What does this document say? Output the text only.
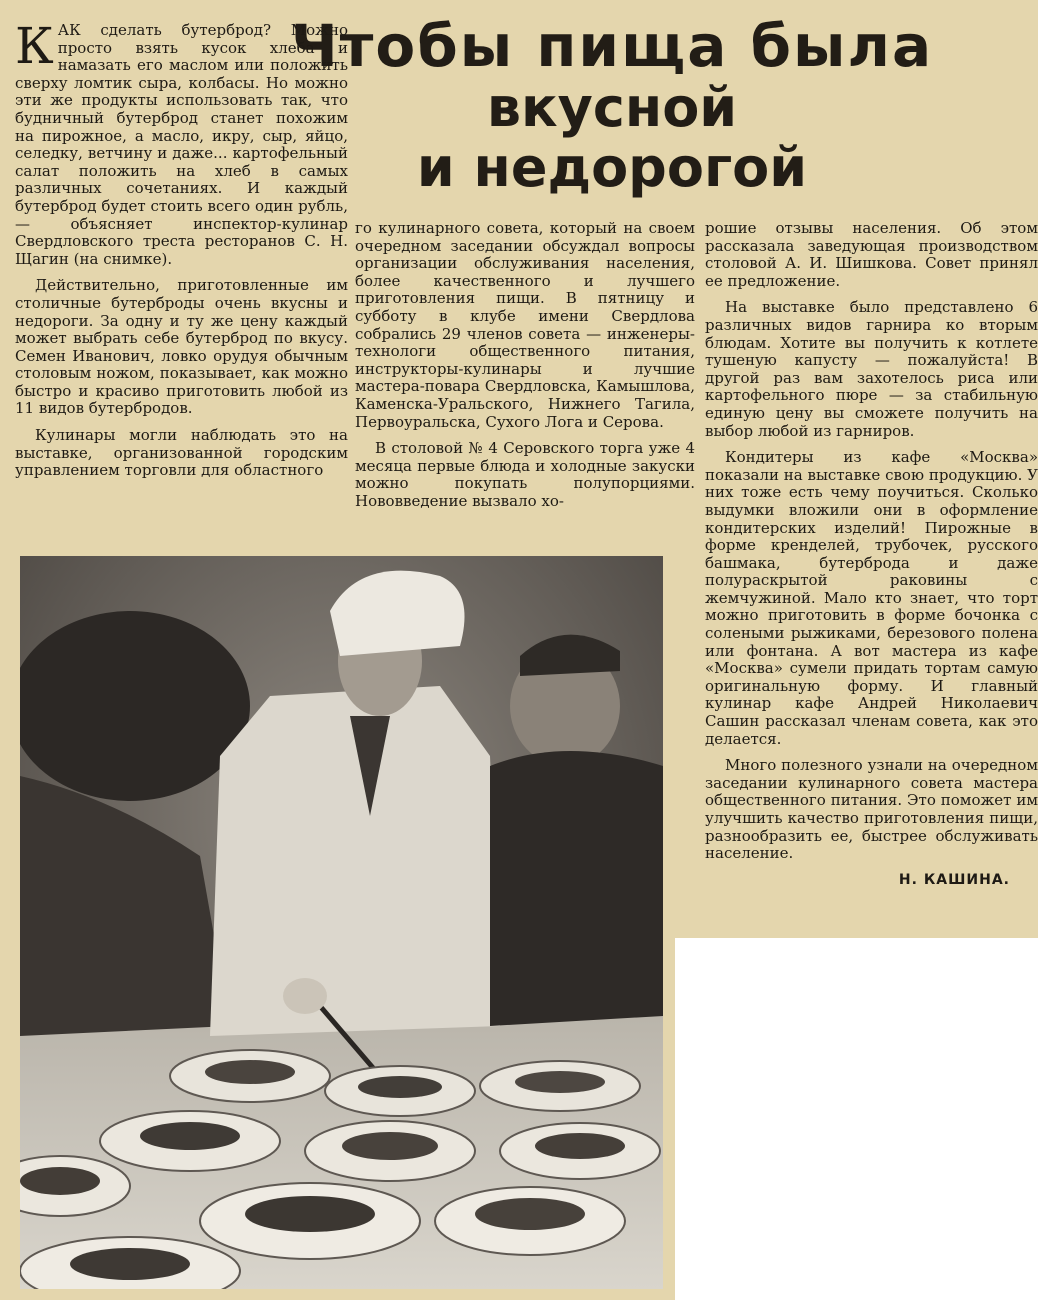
Чтобы пища была
вкусной
и недорогой

КАК сделать бутерброд? Можно просто взять кусок хлеба и намазать его маслом или положить сверху ломтик сыра, колбасы. Но можно эти же продукты использовать так, что будничный бутерброд станет похожим на пирожное, а масло, икру, сыр, яйцо, селедку, ветчину и даже... картофельный салат положить на хлеб в самых различных сочетаниях. И каждый бутерброд будет стоить всего один рубль, — объясняет инспектор-кулинар Свердловского треста ресторанов С. Н. Щагин (на снимке).

Действительно, приготовленные им столичные бутерброды очень вкусны и недороги. За одну и ту же цену каждый может выбрать себе бутерброд по вкусу. Семен Иванович, ловко орудуя обычным столовым ножом, показывает, как можно быстро и красиво приготовить любой из 11 видов бутербродов.

Кулинары могли наблюдать это на выставке, организованной городским управлением торговли для областного

го кулинарного совета, который на своем очередном заседании обсуждал вопросы организации обслуживания населения, более качественного и лучшего приготовления пищи. В пятницу и субботу в клубе имени Свердлова собрались 29 членов совета — инженеры-технологи общественного питания, инструкторы-кулинары и лучшие мастера-повара Свердловска, Камышлова, Каменска-Уральского, Нижнего Тагила, Первоуральска, Сухого Лога и Серова.

В столовой № 4 Серовского торга уже 4 месяца первые блюда и холодные закуски можно покупать полупорциями. Нововведение вызвало хо-

рошие отзывы населения. Об этом рассказала заведующая производством столовой А. И. Шишкова. Совет принял ее предложение.

На выставке было представлено 6 различных видов гарнира ко вторым блюдам. Хотите вы получить к котлете тушеную капусту — пожалуйста! В другой раз вам захотелось риса или картофельного пюре — за стабильную единую цену вы сможете получить на выбор любой из гарниров.

Кондитеры из кафе «Москва» показали на выставке свою продукцию. У них тоже есть чему поучиться. Сколько выдумки вложили они в оформление кондитерских изделий! Пирожные в форме кренделей, трубочек, русского башмака, бутерброда и даже полураскрытой раковины с жемчужиной. Мало кто знает, что торт можно приготовить в форме бочонка с солеными рыжиками, березового полена или фонтана. А вот мастера из кафе «Москва» сумели придать тортам самую оригинальную форму. И главный кулинар кафе Андрей Николаевич Сашин рассказал членам совета, как это делается.

Много полезного узнали на очередном заседании кулинарного совета мастера общественного питания. Это поможет им улучшить качество приготовления пищи, разнообразить ее, быстрее обслуживать население.

Н. КАШИНА.
